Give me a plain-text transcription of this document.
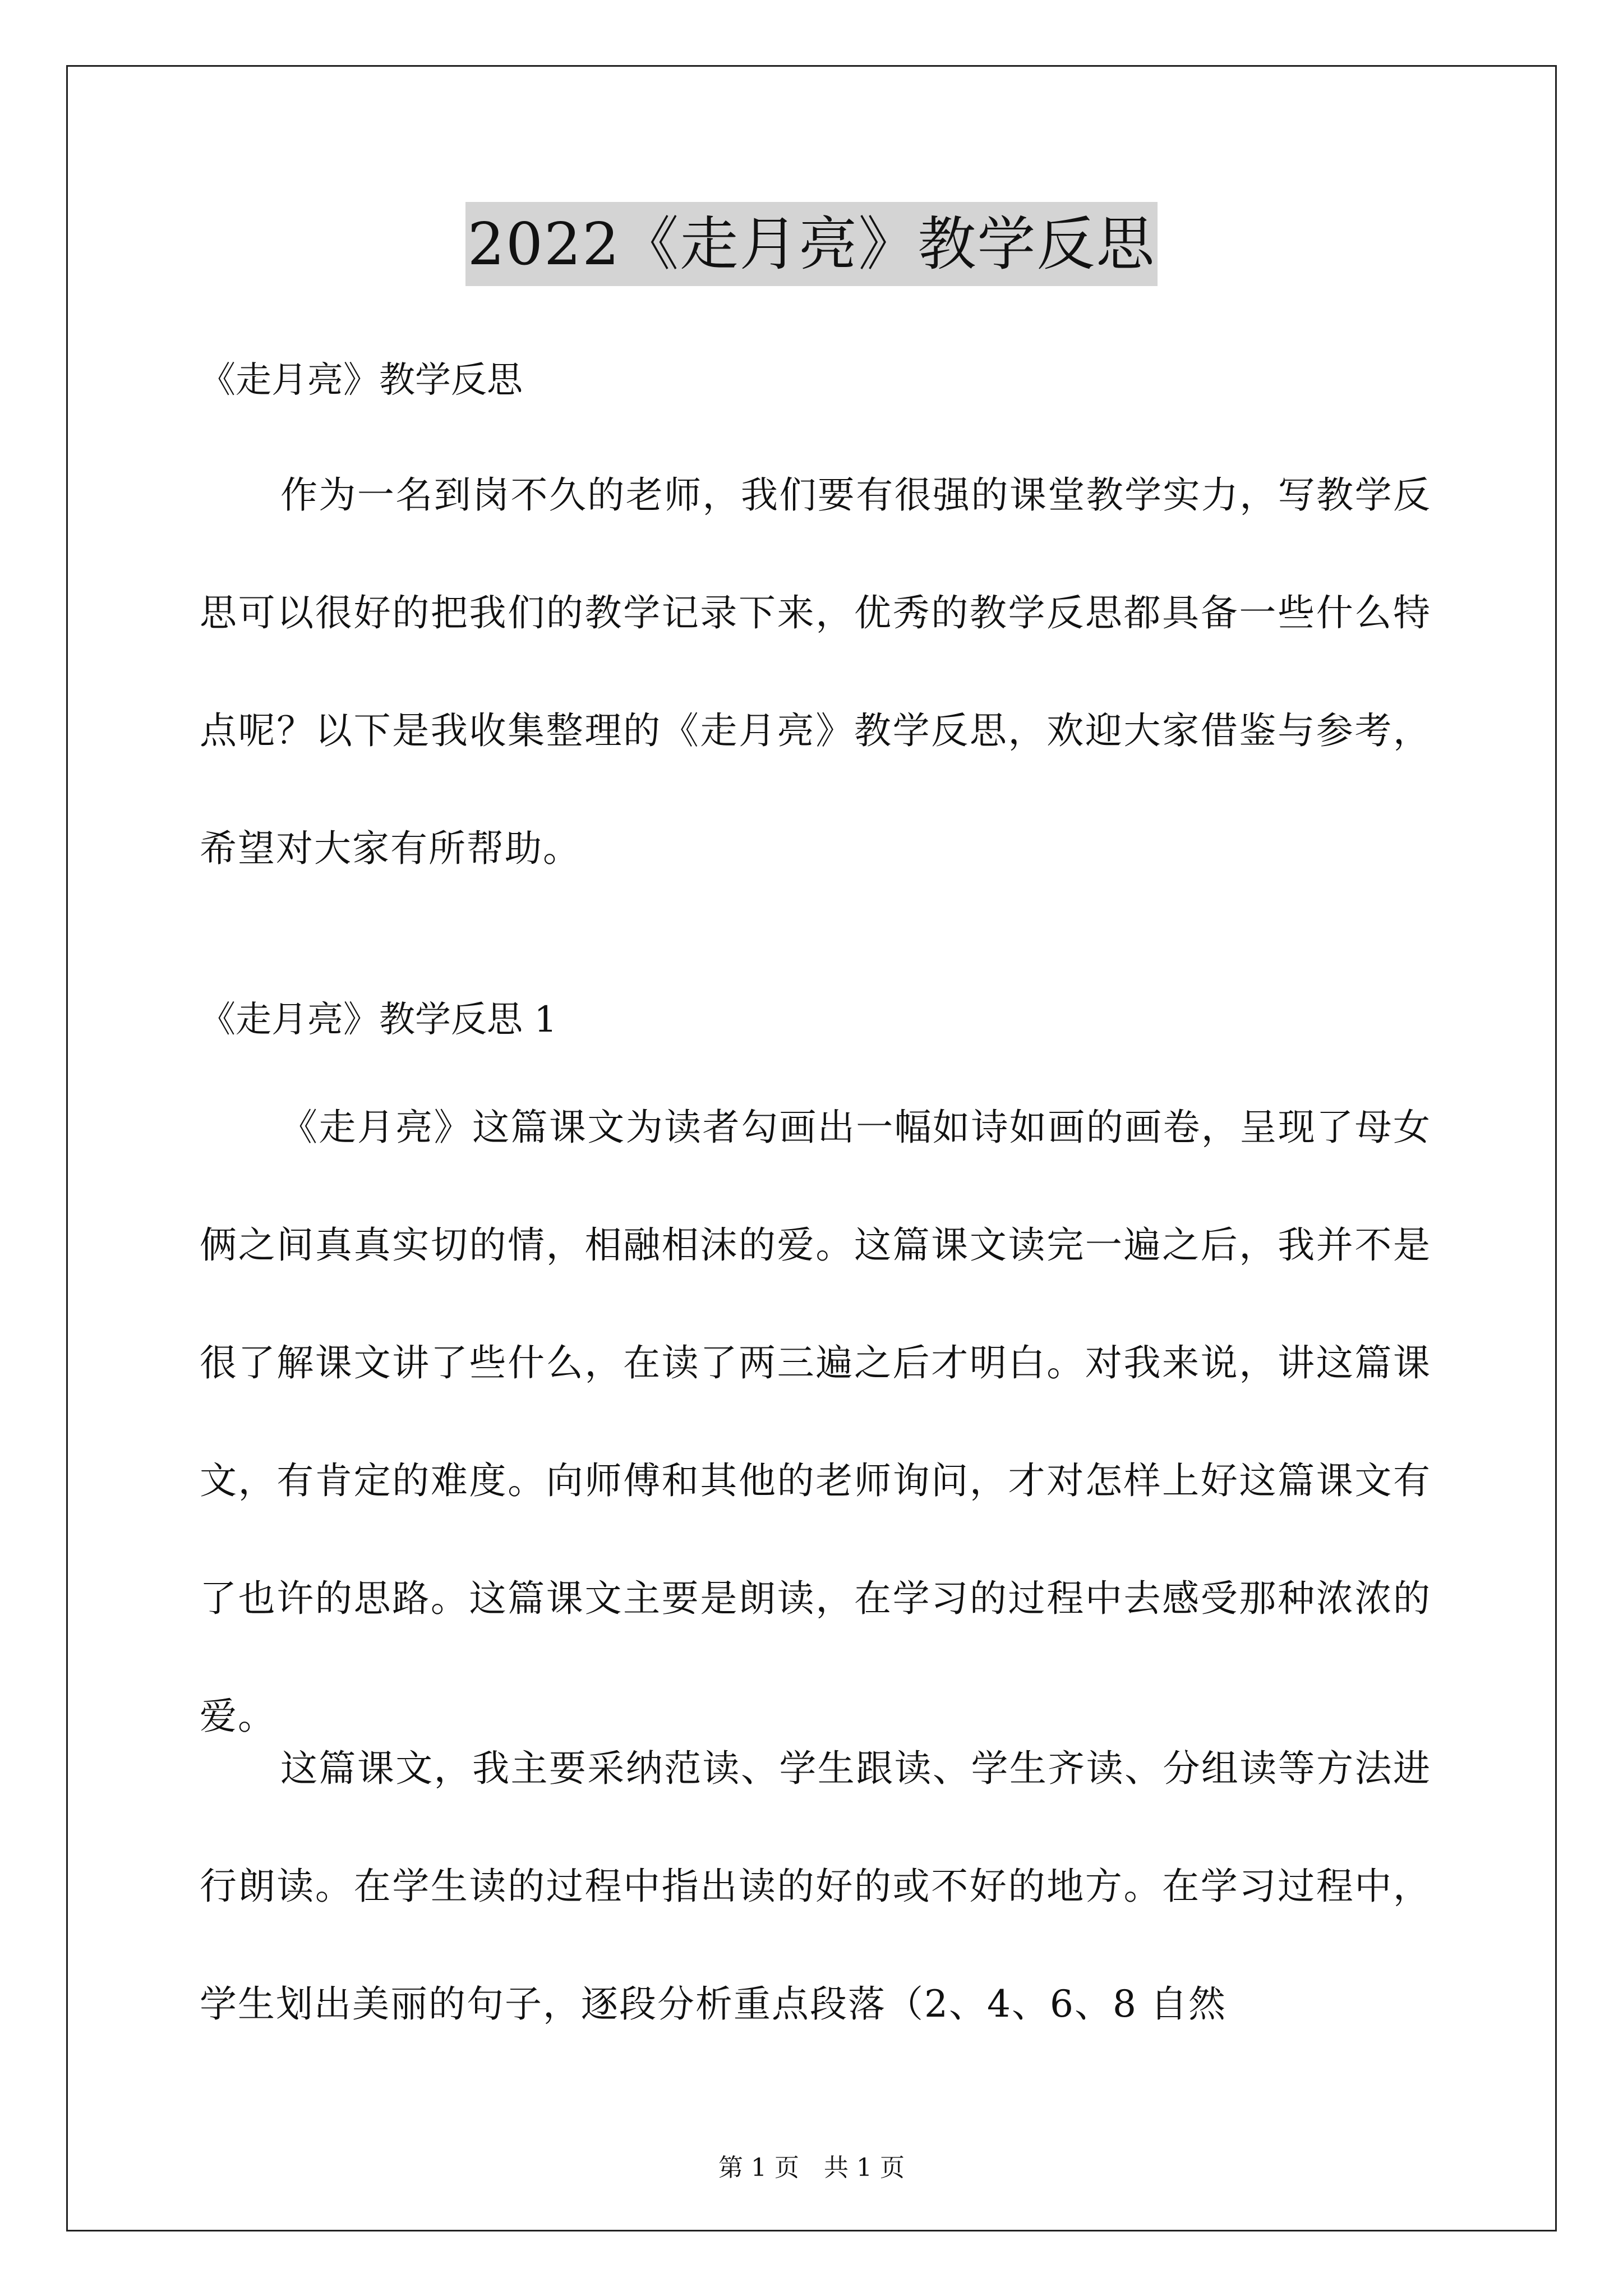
2022《走月亮》教学反思
《走月亮》教学反思
作为一名到岗不久的老师，我们要有很强的课堂教学实力，写教学反思可以很好的把我们的教学记录下来，优秀的教学反思都具备一些什么特点呢？以下是我收集整理的《走月亮》教学反思，欢迎大家借鉴与参考，希望对大家有所帮助。
《走月亮》教学反思 1
《走月亮》这篇课文为读者勾画出一幅如诗如画的画卷，呈现了母女俩之间真真实切的情，相融相沫的爱。这篇课文读完一遍之后，我并不是很了解课文讲了些什么，在读了两三遍之后才明白。对我来说，讲这篇课文，有肯定的难度。向师傅和其他的老师询问，才对怎样上好这篇课文有了也许的思路。这篇课文主要是朗读，在学习的过程中去感受那种浓浓的爱。
这篇课文，我主要采纳范读、学生跟读、学生齐读、分组读等方法进行朗读。在学生读的过程中指出读的好的或不好的地方。在学习过程中，学生划出美丽的句子，逐段分析重点段落（2、4、6、8 自然
第 1 页　共 1 页
